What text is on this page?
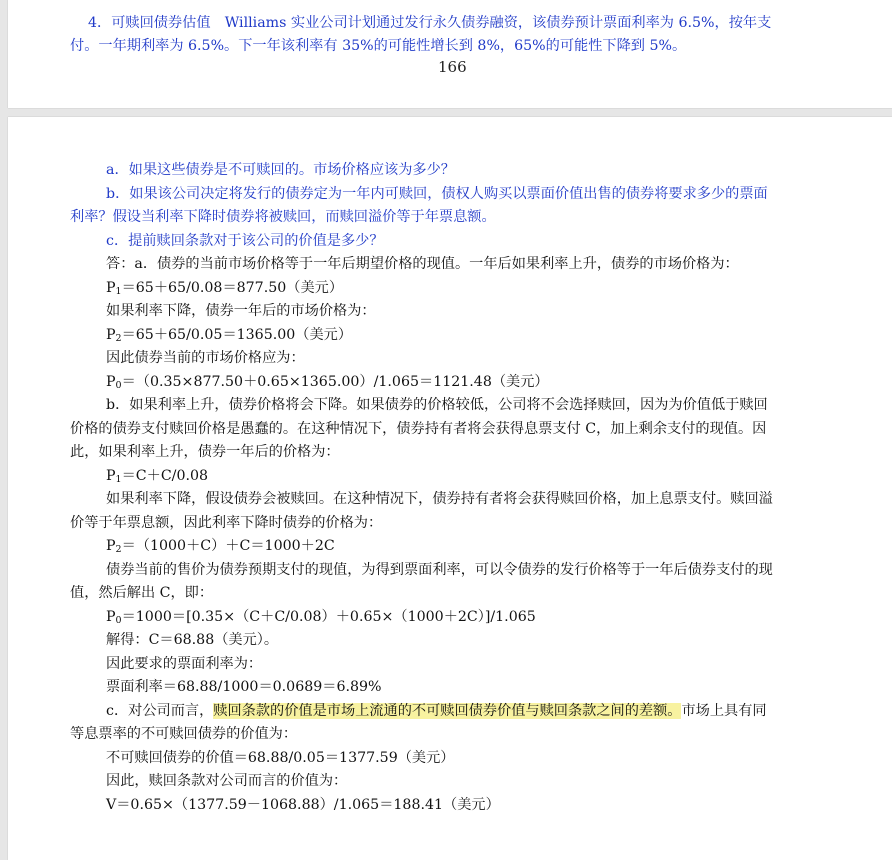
4．可赎回债券估值　Williams 实业公司计划通过发行永久债券融资，该债券预计票面利率为 6.5%，按年支
付。一年期利率为 6.5%。下一年该利率有 35%的可能性增长到 8%，65%的可能性下降到 5%。
166
a．如果这些债券是不可赎回的。市场价格应该为多少？
b．如果该公司决定将发行的债券定为一年内可赎回，债权人购买以票面价值出售的债券将要求多少的票面
利率？假设当利率下降时债券将被赎回，而赎回溢价等于年票息额。
c．提前赎回条款对于该公司的价值是多少？
答：a．债券的当前市场价格等于一年后期望价格的现值。一年后如果利率上升，债券的市场价格为：
$P_1=65+65/0.08=877.50$（美元）
如果利率下降，债券一年后的市场价格为：
$P_2=65+65/0.05=1365.00$（美元）
因此债券当前的市场价格应为：
$P_0=(0.35\times 877.50+0.65\times 1365.00)/1.065=1121.48$（美元）
b．如果利率上升，债券价格将会下降。如果债券的价格较低，公司将不会选择赎回，因为为价值低于赎回
价格的债券支付赎回价格是愚蠢的。在这种情况下，债券持有者将会获得息票支付 C，加上剩余支付的现值。因
此，如果利率上升，债券一年后的价格为：
$P_1=C+C/0.08$
如果利率下降，假设债券会被赎回。在这种情况下，债券持有者将会获得赎回价格，加上息票支付。赎回溢
价等于年票息额，因此利率下降时债券的价格为：
$P_2=(1000+C)+C=1000+2C$
债券当前的售价为债券预期支付的现值，为得到票面利率，可以令债券的发行价格等于一年后债券支付的现
值，然后解出 C，即：
$P_0=1000=[0.35\times(C+C/0.08)+0.65\times(1000+2C)]/1.065$
解得：C＝68.88（美元）。
因此要求的票面利率为：
票面利率＝68.88/1000＝0.0689＝6.89%
c．对公司而言，赎回条款的价值是市场上流通的不可赎回债券价值与赎回条款之间的差额。市场上具有同
等息票率的不可赎回债券的价值为：
不可赎回债券的价值＝68.88/0.05＝1377.59（美元）
因此，赎回条款对公司而言的价值为：
V＝0.65×（1377.59－1068.88）/1.065＝188.41（美元）
